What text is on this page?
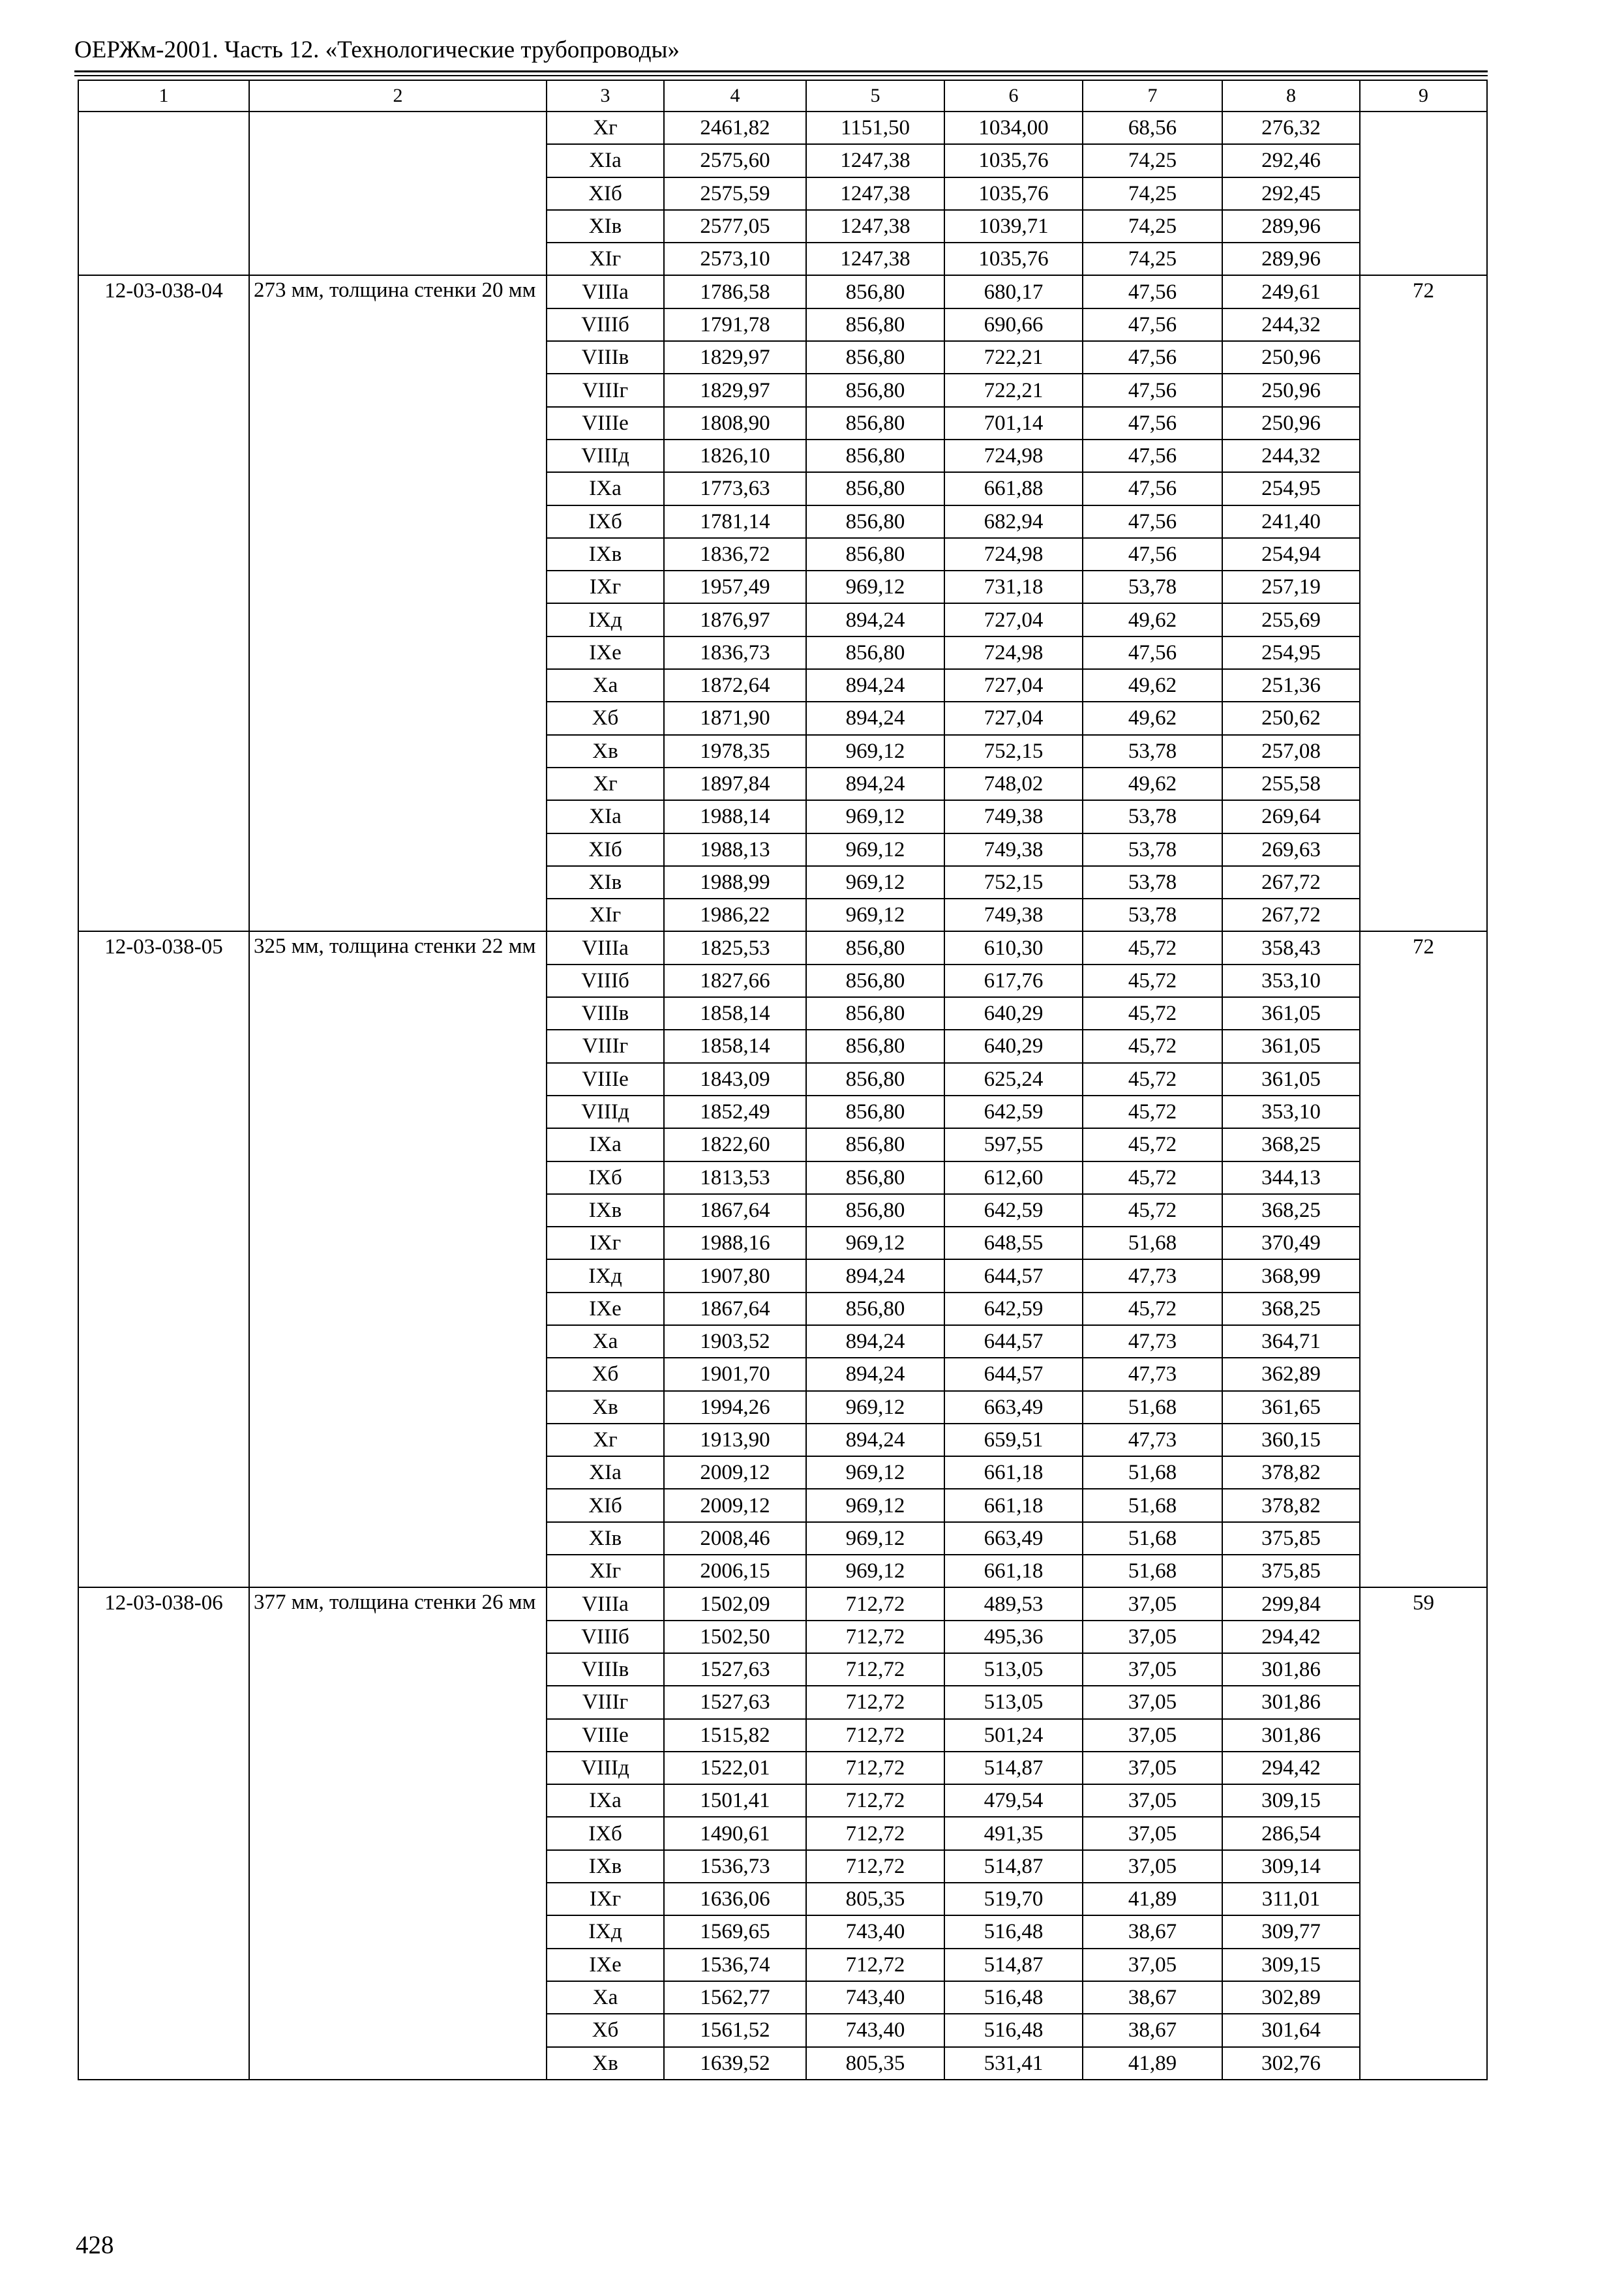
ОЕРЖм-2001. Часть 12. «Технологические трубопроводы»
1	2	3	4	5	6	7	8	9
		Xг	2461,82	1151,50	1034,00	68,56	276,32	
		XIa	2575,60	1247,38	1035,76	74,25	292,46	
		XIб	2575,59	1247,38	1035,76	74,25	292,45	
		XIв	2577,05	1247,38	1039,71	74,25	289,96	
		XIг	2573,10	1247,38	1035,76	74,25	289,96	
12-03-038-04	273 мм, толщина стенки 20 мм	VIIIa	1786,58	856,80	680,17	47,56	249,61	72
		VIIIб	1791,78	856,80	690,66	47,56	244,32	
		VIIIв	1829,97	856,80	722,21	47,56	250,96	
		VIIIг	1829,97	856,80	722,21	47,56	250,96	
		VIIIe	1808,90	856,80	701,14	47,56	250,96	
		VIIIд	1826,10	856,80	724,98	47,56	244,32	
		IXa	1773,63	856,80	661,88	47,56	254,95	
		IXб	1781,14	856,80	682,94	47,56	241,40	
		IXв	1836,72	856,80	724,98	47,56	254,94	
		IXг	1957,49	969,12	731,18	53,78	257,19	
		IXд	1876,97	894,24	727,04	49,62	255,69	
		IXe	1836,73	856,80	724,98	47,56	254,95	
		Xa	1872,64	894,24	727,04	49,62	251,36	
		Xб	1871,90	894,24	727,04	49,62	250,62	
		Xв	1978,35	969,12	752,15	53,78	257,08	
		Xг	1897,84	894,24	748,02	49,62	255,58	
		XIa	1988,14	969,12	749,38	53,78	269,64	
		XIб	1988,13	969,12	749,38	53,78	269,63	
		XIв	1988,99	969,12	752,15	53,78	267,72	
		XIг	1986,22	969,12	749,38	53,78	267,72	
12-03-038-05	325 мм, толщина стенки 22 мм	VIIIa	1825,53	856,80	610,30	45,72	358,43	72
		VIIIб	1827,66	856,80	617,76	45,72	353,10	
		VIIIв	1858,14	856,80	640,29	45,72	361,05	
		VIIIг	1858,14	856,80	640,29	45,72	361,05	
		VIIIe	1843,09	856,80	625,24	45,72	361,05	
		VIIIд	1852,49	856,80	642,59	45,72	353,10	
		IXa	1822,60	856,80	597,55	45,72	368,25	
		IXб	1813,53	856,80	612,60	45,72	344,13	
		IXв	1867,64	856,80	642,59	45,72	368,25	
		IXг	1988,16	969,12	648,55	51,68	370,49	
		IXд	1907,80	894,24	644,57	47,73	368,99	
		IXe	1867,64	856,80	642,59	45,72	368,25	
		Xa	1903,52	894,24	644,57	47,73	364,71	
		Xб	1901,70	894,24	644,57	47,73	362,89	
		Xв	1994,26	969,12	663,49	51,68	361,65	
		Xг	1913,90	894,24	659,51	47,73	360,15	
		XIa	2009,12	969,12	661,18	51,68	378,82	
		XIб	2009,12	969,12	661,18	51,68	378,82	
		XIв	2008,46	969,12	663,49	51,68	375,85	
		XIг	2006,15	969,12	661,18	51,68	375,85	
12-03-038-06	377 мм, толщина стенки 26 мм	VIIIa	1502,09	712,72	489,53	37,05	299,84	59
		VIIIб	1502,50	712,72	495,36	37,05	294,42	
		VIIIв	1527,63	712,72	513,05	37,05	301,86	
		VIIIг	1527,63	712,72	513,05	37,05	301,86	
		VIIIe	1515,82	712,72	501,24	37,05	301,86	
		VIIIд	1522,01	712,72	514,87	37,05	294,42	
		IXa	1501,41	712,72	479,54	37,05	309,15	
		IXб	1490,61	712,72	491,35	37,05	286,54	
		IXв	1536,73	712,72	514,87	37,05	309,14	
		IXг	1636,06	805,35	519,70	41,89	311,01	
		IXд	1569,65	743,40	516,48	38,67	309,77	
		IXe	1536,74	712,72	514,87	37,05	309,15	
		Xa	1562,77	743,40	516,48	38,67	302,89	
		Xб	1561,52	743,40	516,48	38,67	301,64	
		Xв	1639,52	805,35	531,41	41,89	302,76	
428
